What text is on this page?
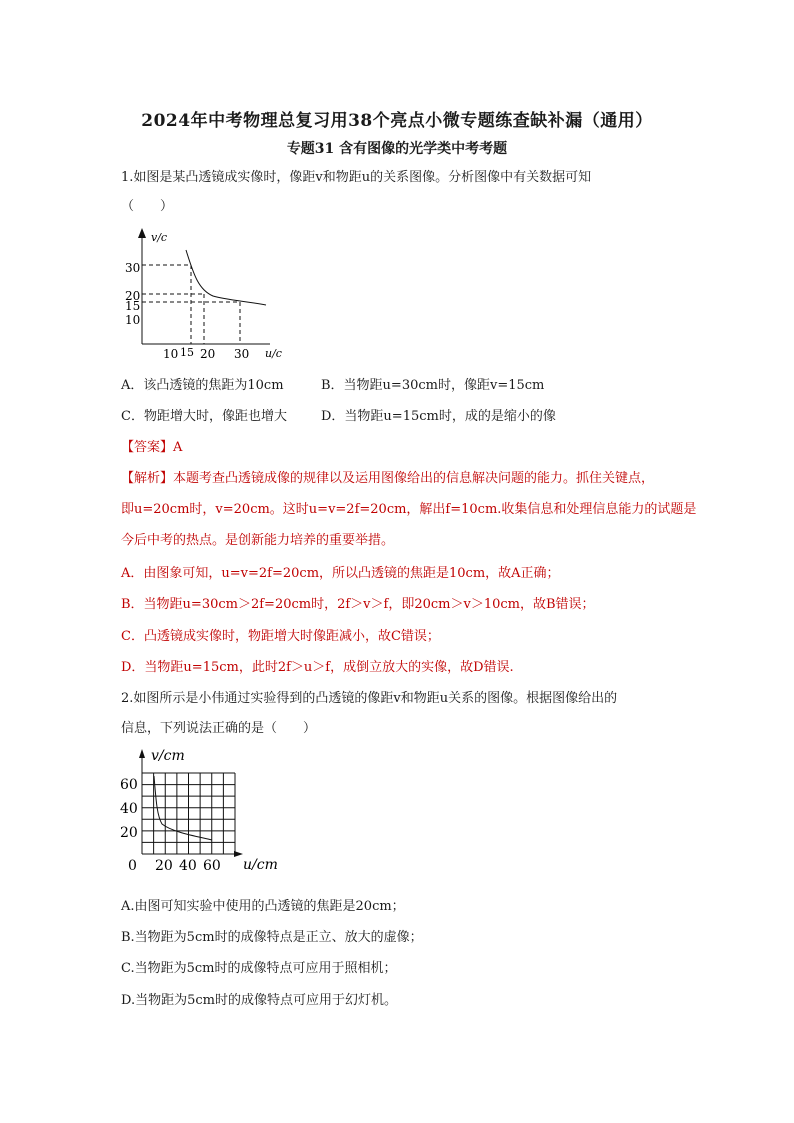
2024年中考物理总复习用38个亮点小微专题练查缺补漏（通用）
专题31 含有图像的光学类中考考题
1.如图是某凸透镜成实像时，像距v和物距u的关系图像。分析图像中有关数据可知
（　　）
v/c
30
20
15
10
10 15 20 30 u/c
v/cm
60
40
20
0 20 40 60 u/cm
A．该凸透镜的焦距为10cm	B．当物距u=30cm时，像距v=15cm
C．物距增大时，像距也增大	D．当物距u=15cm时，成的是缩小的像
【答案】A
【解析】本题考查凸透镜成像的规律以及运用图像给出的信息解决问题的能力。抓住关键点，
即u=20cm时，v=20cm。这时u=v=2f=20cm，解出f=10cm.收集信息和处理信息能力的试题是
今后中考的热点。是创新能力培养的重要举措。
A．由图象可知，u=v=2f=20cm，所以凸透镜的焦距是10cm，故A正确；
B．当物距u=30cm＞2f=20cm时，2f＞v＞f，即20cm＞v＞10cm，故B错误；
C．凸透镜成实像时，物距增大时像距减小，故C错误；
D．当物距u=15cm，此时2f＞u＞f，成倒立放大的实像，故D错误.
2.如图所示是小伟通过实验得到的凸透镜的像距v和物距u关系的图像。根据图像给出的
信息，下列说法正确的是（　　）
A.由图可知实验中使用的凸透镜的焦距是20cm；
B.当物距为5cm时的成像特点是正立、放大的虚像；
C.当物距为5cm时的成像特点可应用于照相机；
D.当物距为5cm时的成像特点可应用于幻灯机。
